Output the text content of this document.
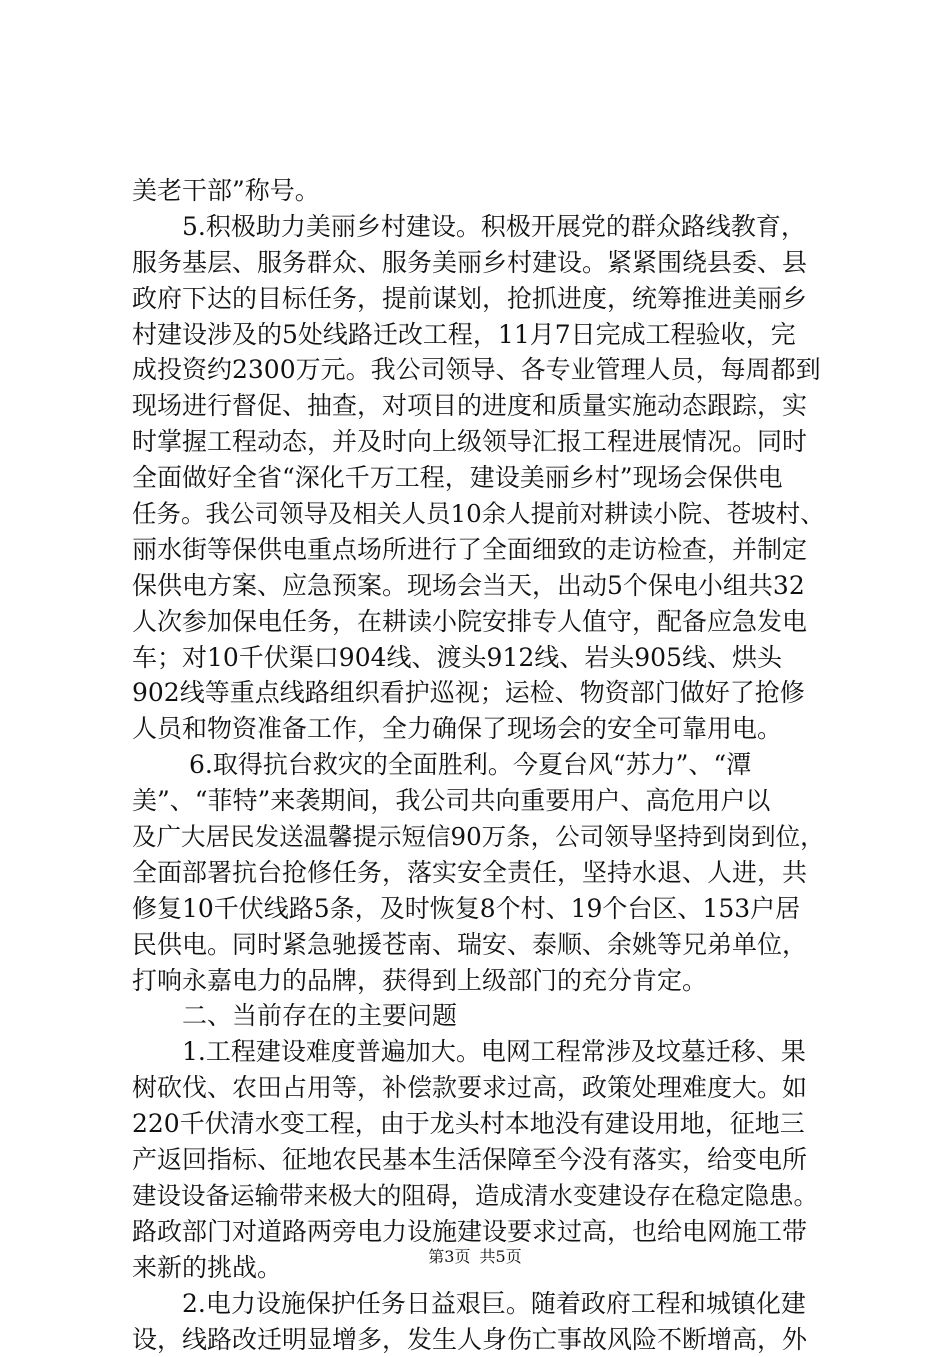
美老干部”称号。
5.积极助力美丽乡村建设。积极开展党的群众路线教育，
服务基层、服务群众、服务美丽乡村建设。紧紧围绕县委、县
政府下达的目标任务，提前谋划，抢抓进度，统筹推进美丽乡
村建设涉及的5处线路迁改工程，11月7日完成工程验收，完
成投资约2300万元。我公司领导、各专业管理人员，每周都到
现场进行督促、抽查，对项目的进度和质量实施动态跟踪，实
时掌握工程动态，并及时向上级领导汇报工程进展情况。同时
全面做好全省“深化千万工程，建设美丽乡村”现场会保供电
任务。我公司领导及相关人员10余人提前对耕读小院、苍坡村、
丽水街等保供电重点场所进行了全面细致的走访检查，并制定
保供电方案、应急预案。现场会当天，出动5个保电小组共32
人次参加保电任务，在耕读小院安排专人值守，配备应急发电
车；对10千伏渠口904线、渡头912线、岩头905线、烘头
902线等重点线路组织看护巡视；运检、物资部门做好了抢修
人员和物资准备工作，全力确保了现场会的安全可靠用电。
6.取得抗台救灾的全面胜利。今夏台风“苏力”、“潭
美”、“菲特”来袭期间，我公司共向重要用户、高危用户以
及广大居民发送温馨提示短信90万条，公司领导坚持到岗到位，
全面部署抗台抢修任务，落实安全责任，坚持水退、人进，共
修复10千伏线路5条，及时恢复8个村、19个台区、153户居
民供电。同时紧急驰援苍南、瑞安、泰顺、余姚等兄弟单位，
打响永嘉电力的品牌，获得到上级部门的充分肯定。
二、当前存在的主要问题
1.工程建设难度普遍加大。电网工程常涉及坟墓迁移、果
树砍伐、农田占用等，补偿款要求过高，政策处理难度大。如
220千伏清水变工程，由于龙头村本地没有建设用地，征地三
产返回指标、征地农民基本生活保障至今没有落实，给变电所
建设设备运输带来极大的阻碍，造成清水变建设存在稳定隐患。
路政部门对道路两旁电力设施建设要求过高，也给电网施工带
来新的挑战。
2.电力设施保护任务日益艰巨。随着政府工程和城镇化建
设，线路改迁明显增多，发生人身伤亡事故风险不断增高，外
第3页 共5页
